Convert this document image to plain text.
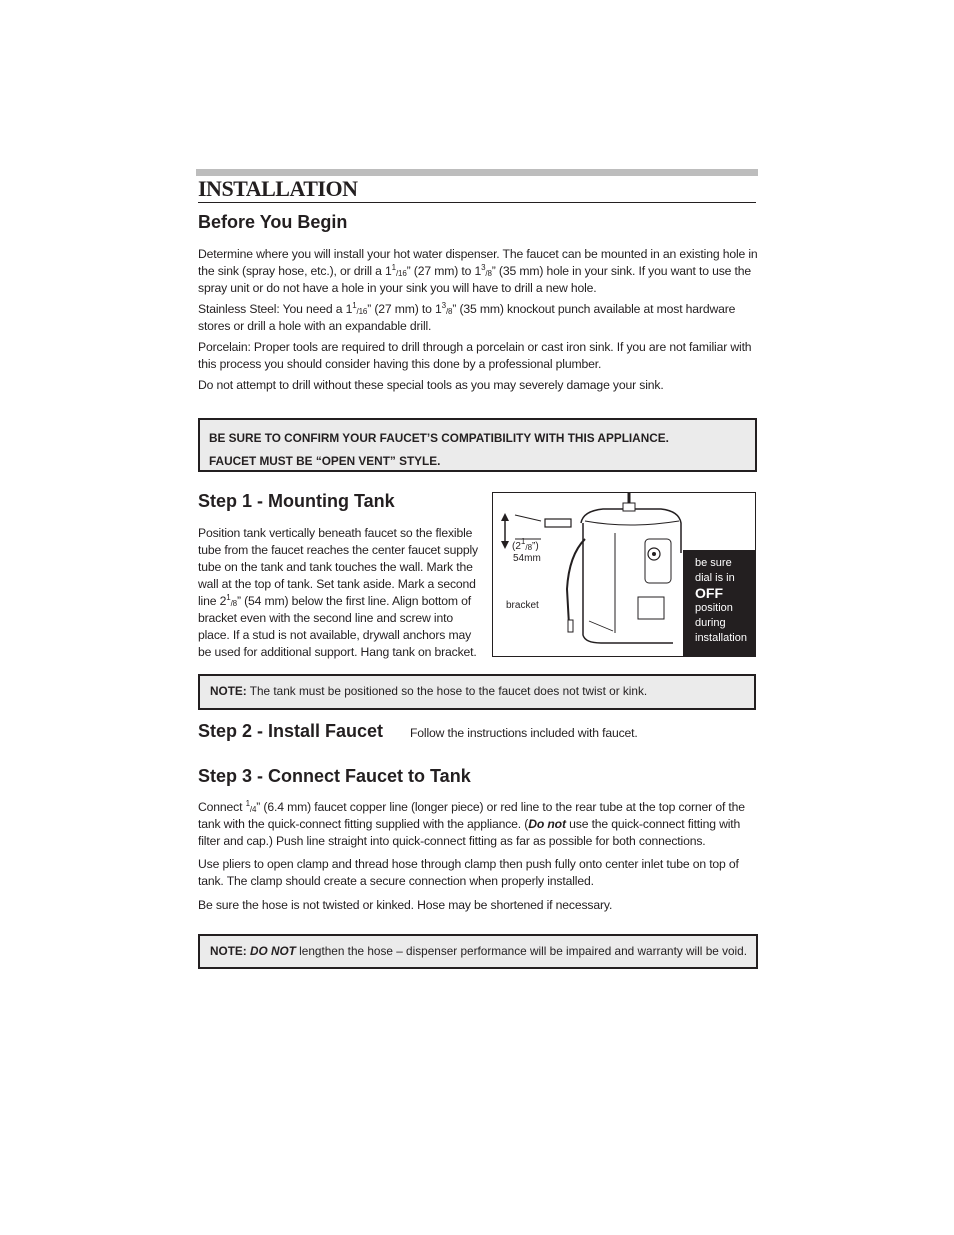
INSTALLATION
Before You Begin

Determine where you will install your hot water dispenser. The faucet can be mounted in an existing hole in the sink (spray hose, etc.), or drill a $1^1_{/16}$” (27 mm) to $1^3_{/8}$” (35 mm) hole in your sink. If you want to use the spray unit or do not have a hole in your sink you will have to drill a new hole.

Stainless Steel: You need a $1^1_{/16}$” (27 mm) to $1^3_{/8}$” (35 mm) knockout punch available at most hardware stores or drill a hole with an expandable drill.

Porcelain: Proper tools are required to drill through a porcelain or cast iron sink. If you are not familiar with this process you should consider having this done by a professional plumber.

Do not attempt to drill without these special tools as you may severely damage your sink.

BE SURE TO CONFIRM YOUR FAUCET’S COMPATIBILITY WITH THIS APPLIANCE.
FAUCET MUST BE “OPEN VENT” STYLE.
Step 1 - Mounting Tank

Position tank vertically beneath faucet so the flexible tube from the faucet reaches the center faucet supply tube on the tank and tank touches the wall. Mark the wall at the top of tank. Set tank aside. Mark a second line $2^1_{/8}$” (54 mm) below the first line. Align bottom of bracket even with the second line and screw into place. If a stud is not available, drywall anchors may be used for additional support. Hang tank on bracket.

$(2^1_{/8}”)$
54mm
bracket
be sure
dial is in
OFF
position
during
installation
NOTE: The tank must be positioned so the hose to the faucet does not twist or kink.
Step 2 - Install Faucet Follow the instructions included with faucet.
Step 3 - Connect Faucet to Tank

Connect $^1_{/4}$” (6.4 mm) faucet copper line (longer piece) or red line to the rear tube at the top corner of the tank with the quick-connect fitting supplied with the appliance. (Do not use the quick-connect fitting with filter and cap.) Push line straight into quick-connect fitting as far as possible for both connections.

Use pliers to open clamp and thread hose through clamp then push fully onto center inlet tube on top of tank. The clamp should create a secure connection when properly installed.

Be sure the hose is not twisted or kinked. Hose may be shortened if necessary.

NOTE: DO NOT lengthen the hose – dispenser performance will be impaired and warranty will be void.
